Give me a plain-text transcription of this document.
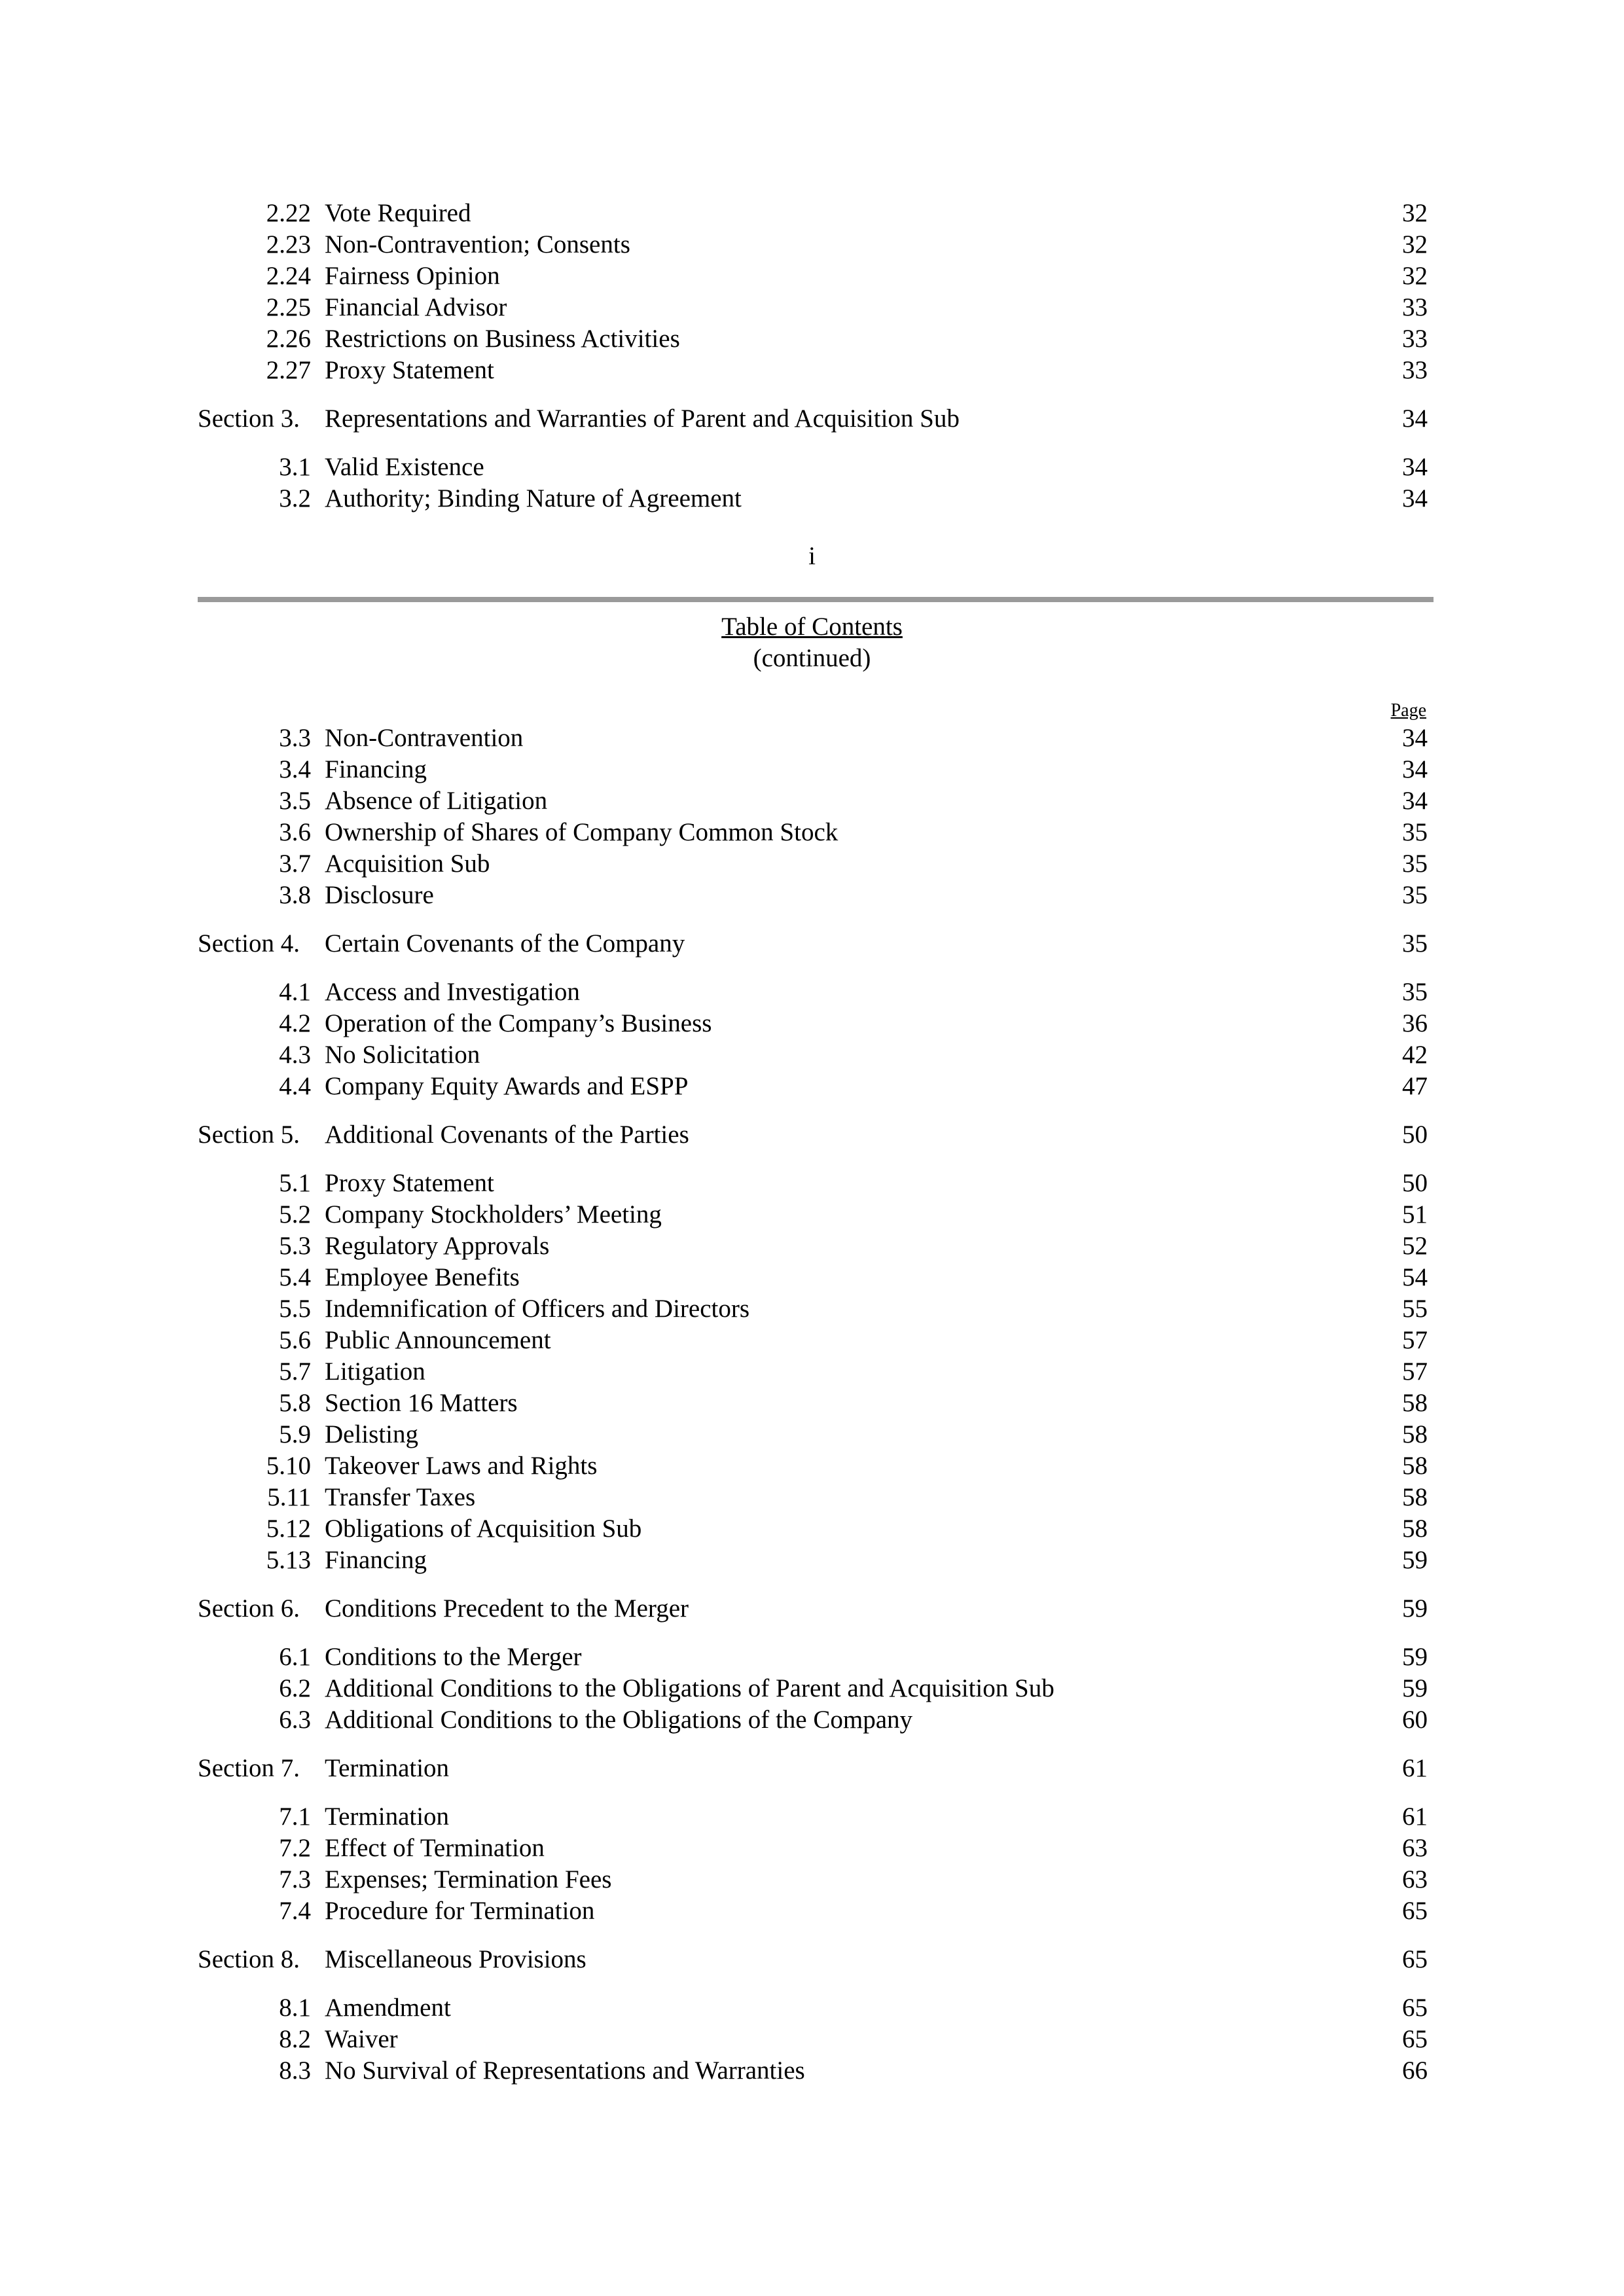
2.22 Vote Required	32
2.23 Non-Contravention; Consents	32
2.24 Fairness Opinion	32
2.25 Financial Advisor	33
2.26 Restrictions on Business Activities	33
2.27 Proxy Statement	33
Section 3. Representations and Warranties of Parent and Acquisition Sub	34
3.1 Valid Existence	34
3.2 Authority; Binding Nature of Agreement	34
i
Table of Contents
(continued)
Page
3.3 Non-Contravention	34
3.4 Financing	34
3.5 Absence of Litigation	34
3.6 Ownership of Shares of Company Common Stock	35
3.7 Acquisition Sub	35
3.8 Disclosure	35
Section 4. Certain Covenants of the Company	35
4.1 Access and Investigation	35
4.2 Operation of the Company’s Business	36
4.3 No Solicitation	42
4.4 Company Equity Awards and ESPP	47
Section 5. Additional Covenants of the Parties	50
5.1 Proxy Statement	50
5.2 Company Stockholders’ Meeting	51
5.3 Regulatory Approvals	52
5.4 Employee Benefits	54
5.5 Indemnification of Officers and Directors	55
5.6 Public Announcement	57
5.7 Litigation	57
5.8 Section 16 Matters	58
5.9 Delisting	58
5.10 Takeover Laws and Rights	58
5.11 Transfer Taxes	58
5.12 Obligations of Acquisition Sub	58
5.13 Financing	59
Section 6. Conditions Precedent to the Merger	59
6.1 Conditions to the Merger	59
6.2 Additional Conditions to the Obligations of Parent and Acquisition Sub	59
6.3 Additional Conditions to the Obligations of the Company	60
Section 7. Termination	61
7.1 Termination	61
7.2 Effect of Termination	63
7.3 Expenses; Termination Fees	63
7.4 Procedure for Termination	65
Section 8. Miscellaneous Provisions	65
8.1 Amendment	65
8.2 Waiver	65
8.3 No Survival of Representations and Warranties	66
